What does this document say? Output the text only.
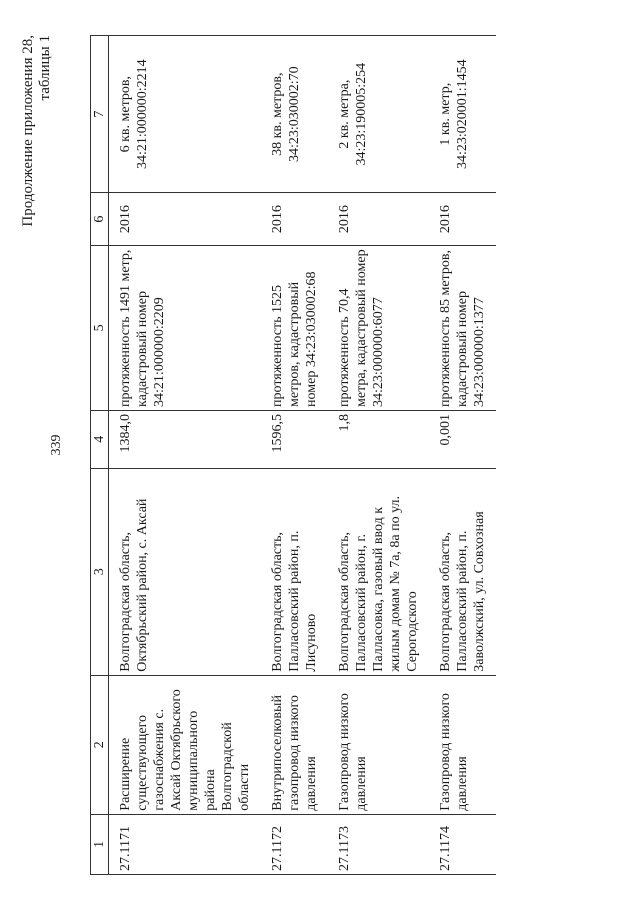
339
Продолжение приложения 28, таблицы 1
1	2	3	4	5	6	7
27.1171	Расширение существующего газоснабжения с. Аксай Октябрьского муниципального района Волгоградской области	Волгоградская область, Октябрьский район, с. Аксай	1384,0	протяженность 1491 метр, кадастровый номер 34:21:000000:2209	2016	6 кв. метров, 34:21:000000:2214
27.1172	Внутрипоселковый газопровод низкого давления	Волгоградская область, Палласовский район, п. Лисуново	1596,5	протяженность 1525 метров, кадастровый номер 34:23:030002:68	2016	38 кв. метров, 34:23:030002:70
27.1173	Газопровод низкого давления	Волгоградская область, Палласовский район, г. Палласовка, газовый ввод к жилым домам № 7а, 8а по ул. Серогодского	1,8	протяженность 70,4 метра, кадастровый номер 34:23:000000:6077	2016	2 кв. метра, 34:23:190005:254
27.1174	Газопровод низкого давления	Волгоградская область, Палласовский район, п. Заволжский, ул. Совхозная	0,001	протяженность 85 метров, кадастровый номер 34:23:000000:1377	2016	1 кв. метр, 34:23:020001:1454
